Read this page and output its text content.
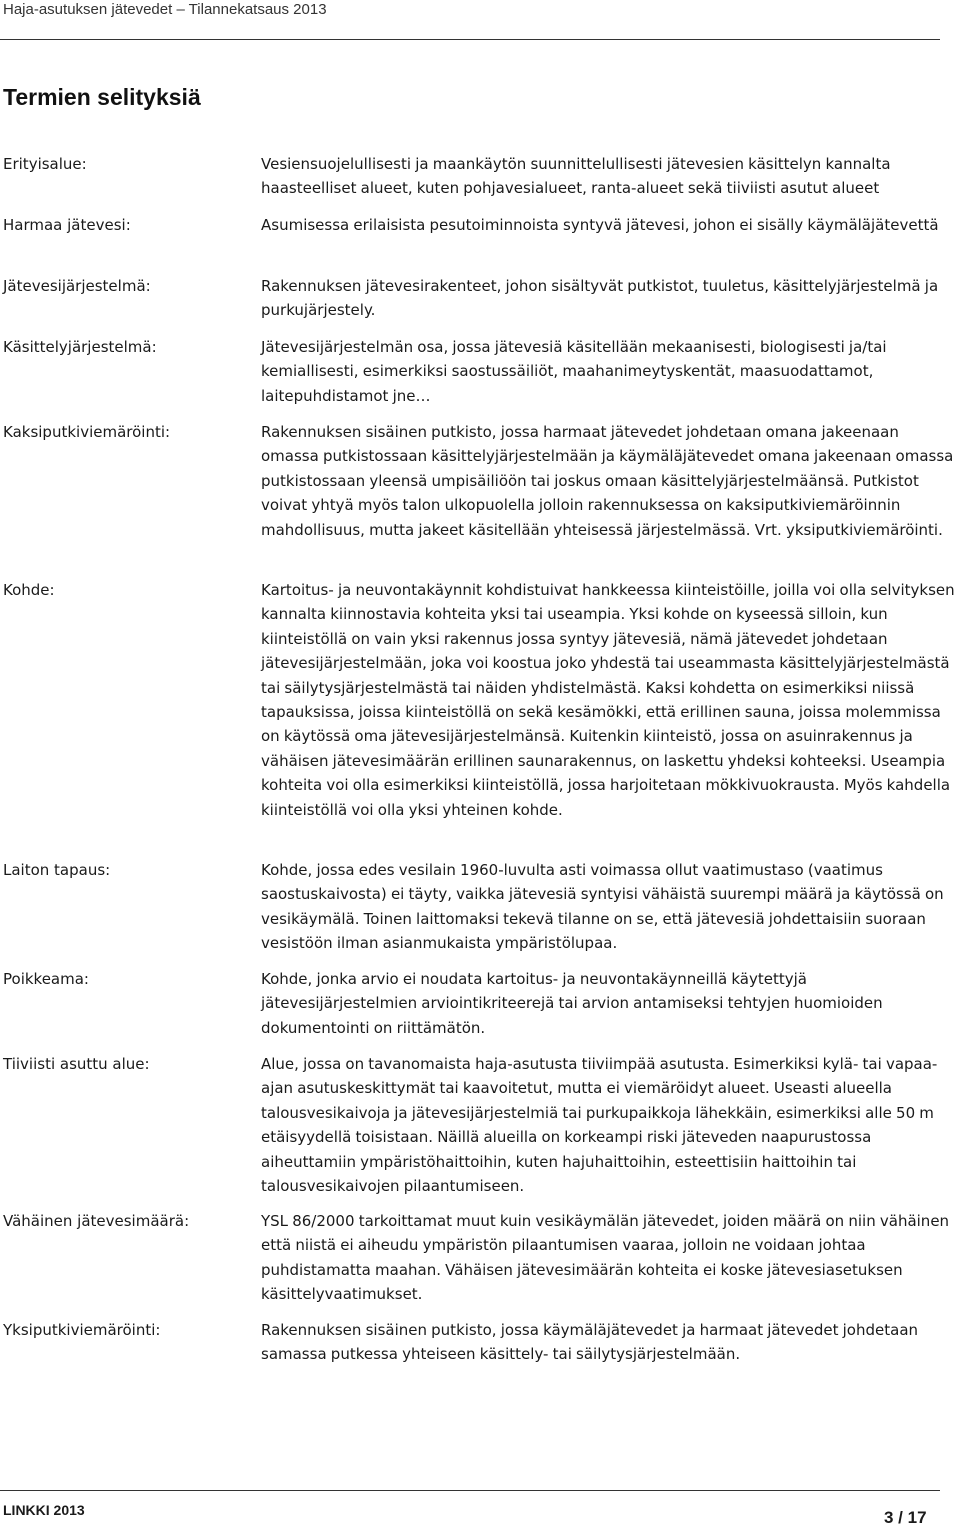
Haja-asutuksen jätevedet – Tilannekatsaus 2013
Termien selityksiä
Erityisalue:	Vesiensuojelullisesti ja maankäytön suunnittelullisesti jätevesien käsittelyn kannalta haasteelliset alueet, kuten pohjavesialueet, ranta-alueet sekä tiiviisti asutut alueet
Harmaa jätevesi:	Asumisessa erilaisista pesutoiminnoista syntyvä jätevesi, johon ei sisälly käymäläjätevettä
Jätevesijärjestelmä:	Rakennuksen jätevesirakenteet, johon sisältyvät putkistot, tuuletus, käsittelyjärjestelmä ja purkujärjestely.
Käsittelyjärjestelmä:	Jätevesijärjestelmän osa, jossa jätevesiä käsitellään mekaanisesti, biologisesti ja/tai kemiallisesti, esimerkiksi saostussäiliöt, maahanimeytyskentät, maasuodattamot, laitepuhdistamot jne…
Kaksiputkiviemäröinti:	Rakennuksen sisäinen putkisto, jossa harmaat jätevedet johdetaan omana jakeenaan omassa putkistossaan käsittelyjärjestelmään ja käymäläjätevedet omana jakeenaan omassa putkistossaan yleensä umpisäiliöön tai joskus omaan käsittelyjärjestelmäänsä. Putkistot voivat yhtyä myös talon ulkopuolella jolloin rakennuksessa on kaksiputkiviemäröinnin mahdollisuus, mutta jakeet käsitellään yhteisessä järjestelmässä. Vrt. yksiputkiviemäröinti.
Kohde:	Kartoitus- ja neuvontakäynnit kohdistuivat hankkeessa kiinteistöille, joilla voi olla selvityksen kannalta kiinnostavia kohteita yksi tai useampia. Yksi kohde on kyseessä silloin, kun kiinteistöllä on vain yksi rakennus jossa syntyy jätevesiä, nämä jätevedet johdetaan jätevesijärjestelmään, joka voi koostua joko yhdestä tai useammasta käsittelyjärjestelmästä tai säilytysjärjestelmästä tai näiden yhdistelmästä. Kaksi kohdetta on esimerkiksi niissä tapauksissa, joissa kiinteistöllä on sekä kesämökki, että erillinen sauna, joissa molemmissa on käytössä oma jätevesijärjestelmänsä. Kuitenkin kiinteistö, jossa on asuinrakennus ja vähäisen jätevesimäärän erillinen saunarakennus, on laskettu yhdeksi kohteeksi. Useampia kohteita voi olla esimerkiksi kiinteistöllä, jossa harjoitetaan mökkivuokrausta. Myös kahdella kiinteistöllä voi olla yksi yhteinen kohde.
Laiton tapaus:	Kohde, jossa edes vesilain 1960-luvulta asti voimassa ollut vaatimustaso (vaatimus saostuskaivosta) ei täyty, vaikka jätevesiä syntyisi vähäistä suurempi määrä ja käytössä on vesikäymälä. Toinen laittomaksi tekevä tilanne on se, että jätevesiä johdettaisiin suoraan vesistöön ilman asianmukaista ympäristölupaa.
Poikkeama:	Kohde, jonka arvio ei noudata kartoitus- ja neuvontakäynneillä käytettyjä jätevesijärjestelmien arviointikriteerejä tai arvion antamiseksi tehtyjen huomioiden dokumentointi on riittämätön.
Tiiviisti asuttu alue:	Alue, jossa on tavanomaista haja-asutusta tiiviimpää asutusta. Esimerkiksi kylä- tai vapaa-ajan asutuskeskittymät tai kaavoitetut, mutta ei viemäröidyt alueet. Useasti alueella talousvesikaivoja ja jätevesijärjestelmiä tai purkupaikkoja lähekkäin, esimerkiksi alle 50 m etäisyydellä toisistaan. Näillä alueilla on korkeampi riski jäteveden naapurustossa aiheuttamiin ympäristöhaittoihin, kuten hajuhaittoihin, esteettisiin haittoihin tai talousvesikaivojen pilaantumiseen.
Vähäinen jätevesimäärä:	YSL 86/2000 tarkoittamat muut kuin vesikäymälän jätevedet, joiden määrä on niin vähäinen että niistä ei aiheudu ympäristön pilaantumisen vaaraa, jolloin ne voidaan johtaa puhdistamatta maahan. Vähäisen jätevesimäärän kohteita ei koske jätevesiasetuksen käsittelyvaatimukset.
Yksiputkiviemäröinti:	Rakennuksen sisäinen putkisto, jossa käymäläjätevedet ja harmaat jätevedet johdetaan samassa putkessa yhteiseen käsittely- tai säilytysjärjestelmään.
LINKKI 2013	3 / 17
